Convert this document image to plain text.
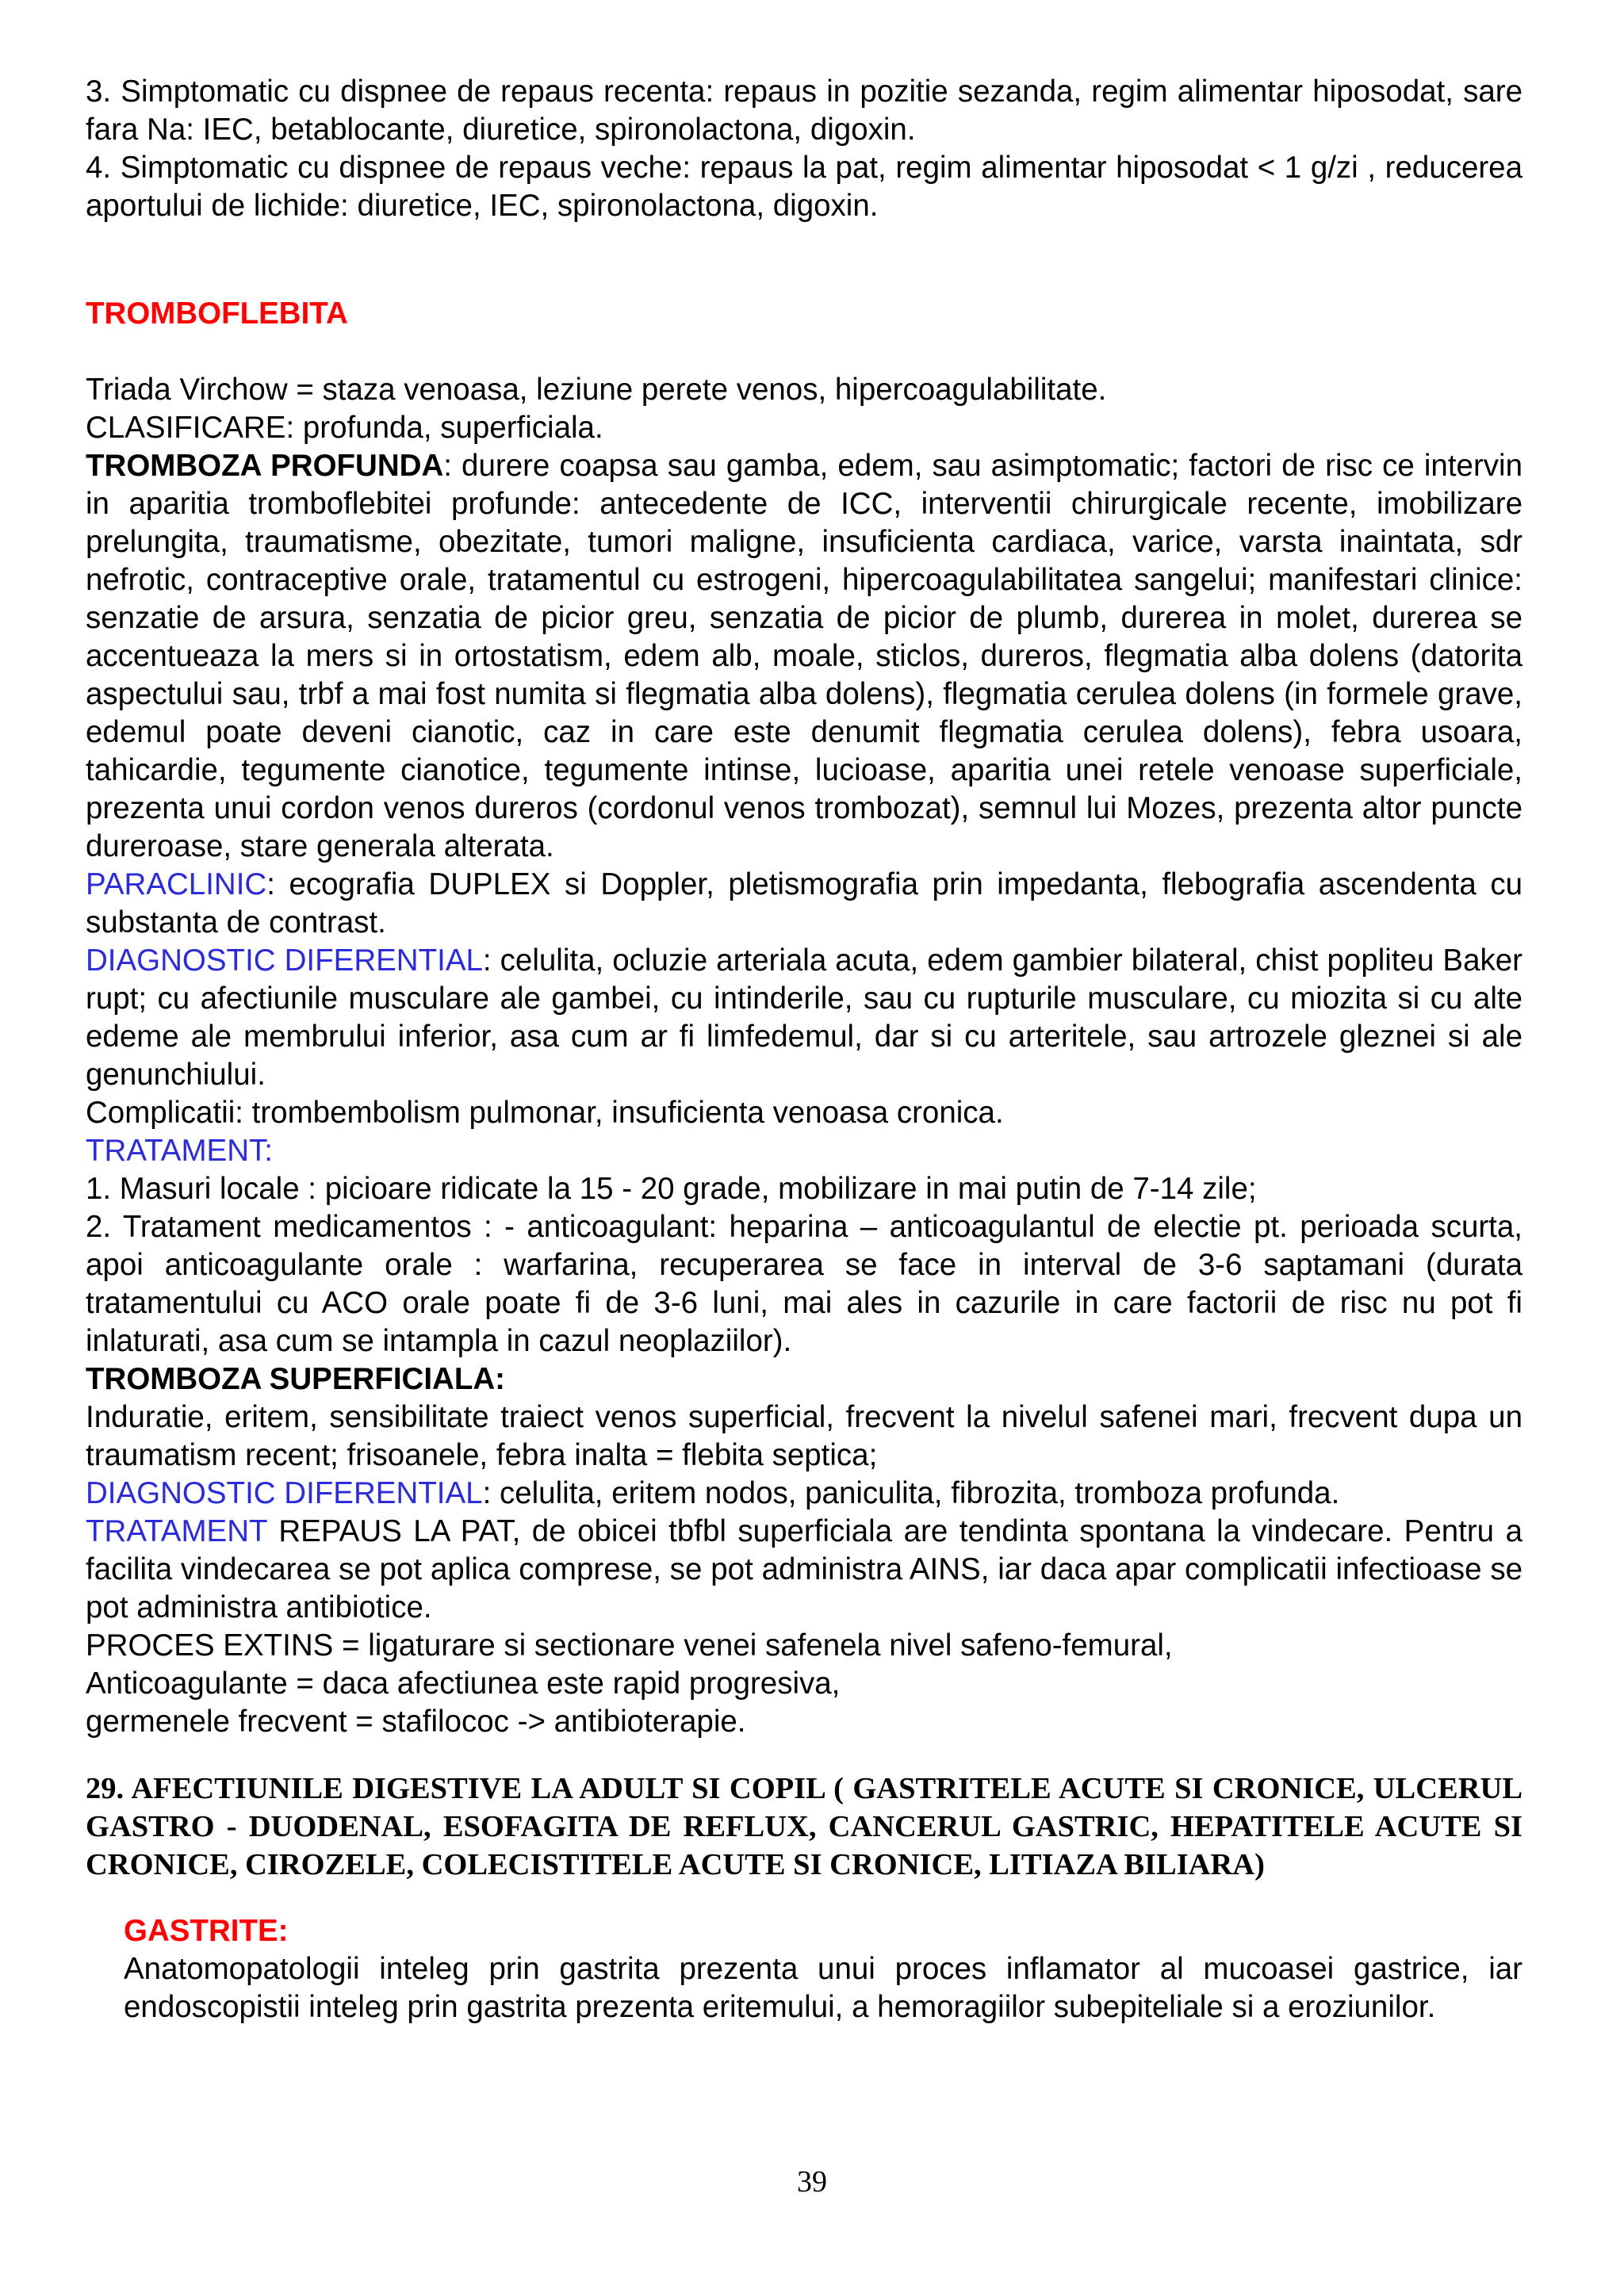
3. Simptomatic cu dispnee de repaus recenta: repaus in pozitie sezanda, regim alimentar hiposodat, sare fara Na: IEC, betablocante, diuretice, spironolactona, digoxin.

4. Simptomatic cu dispnee de repaus veche: repaus la pat, regim alimentar hiposodat < 1 g/zi , reducerea aportului de lichide: diuretice, IEC, spironolactona, digoxin.

TROMBOFLEBITA

Triada Virchow = staza venoasa, leziune perete venos, hipercoagulabilitate.

CLASIFICARE: profunda, superficiala.

TROMBOZA PROFUNDA: durere coapsa sau gamba, edem, sau asimptomatic; factori de risc ce intervin in aparitia tromboflebitei profunde: antecedente de ICC, interventii chirurgicale recente, imobilizare prelungita, traumatisme, obezitate, tumori maligne, insuficienta cardiaca, varice, varsta inaintata, sdr nefrotic, contraceptive orale, tratamentul cu estrogeni, hipercoagulabilitatea sangelui; manifestari clinice: senzatie de arsura, senzatia de picior greu, senzatia de picior de plumb, durerea in molet, durerea se accentueaza la mers si in ortostatism, edem alb, moale, sticlos, dureros, flegmatia alba dolens (datorita aspectului sau, trbf a mai fost numita si flegmatia alba dolens), flegmatia cerulea dolens (in formele grave, edemul poate deveni cianotic, caz in care este denumit flegmatia cerulea dolens), febra usoara, tahicardie, tegumente cianotice, tegumente intinse, lucioase, aparitia unei retele venoase superficiale, prezenta unui cordon venos dureros (cordonul venos trombozat), semnul lui Mozes, prezenta altor puncte dureroase, stare generala alterata.

PARACLINIC: ecografia DUPLEX si Doppler, pletismografia prin impedanta, flebografia ascendenta cu substanta de contrast.

DIAGNOSTIC DIFERENTIAL: celulita, ocluzie arteriala acuta, edem gambier bilateral, chist popliteu Baker rupt; cu afectiunile musculare ale gambei, cu intinderile, sau cu rupturile musculare, cu miozita si cu alte edeme ale membrului inferior, asa cum ar fi limfedemul, dar si cu arteritele, sau artrozele gleznei si ale genunchiului.

Complicatii: trombembolism pulmonar, insuficienta venoasa cronica.

TRATAMENT:

1. Masuri locale : picioare ridicate la 15 - 20 grade, mobilizare in mai putin de 7-14 zile;

2. Tratament medicamentos : - anticoagulant: heparina – anticoagulantul de electie pt. perioada scurta, apoi anticoagulante orale : warfarina, recuperarea se face in interval de 3-6 saptamani (durata tratamentului cu ACO orale poate fi de 3-6 luni, mai ales in cazurile in care factorii de risc nu pot fi inlaturati, asa cum se intampla in cazul neoplaziilor).

TROMBOZA SUPERFICIALA:

Induratie, eritem, sensibilitate traiect venos superficial, frecvent la nivelul safenei mari, frecvent dupa un traumatism recent; frisoanele, febra inalta = flebita septica;

DIAGNOSTIC DIFERENTIAL: celulita, eritem nodos, paniculita, fibrozita, tromboza profunda.

TRATAMENT REPAUS LA PAT, de obicei tbfbl superficiala are tendinta spontana la vindecare. Pentru a facilita vindecarea se pot aplica comprese, se pot administra AINS, iar daca apar complicatii infectioase se pot administra antibiotice.

PROCES EXTINS = ligaturare si sectionare venei safenela nivel safeno-femural,

Anticoagulante = daca afectiunea este rapid progresiva,

germenele frecvent = stafilococ -> antibioterapie.

29. AFECTIUNILE DIGESTIVE LA ADULT SI COPIL ( GASTRITELE ACUTE SI CRONICE, ULCERUL GASTRO - DUODENAL, ESOFAGITA DE REFLUX, CANCERUL GASTRIC, HEPATITELE ACUTE SI CRONICE, CIROZELE, COLECISTITELE ACUTE SI CRONICE, LITIAZA BILIARA)

GASTRITE:

Anatomopatologii inteleg prin gastrita prezenta unui proces inflamator al mucoasei gastrice, iar endoscopistii inteleg prin gastrita prezenta eritemului, a hemoragiilor subepiteliale si a eroziunilor.

39
